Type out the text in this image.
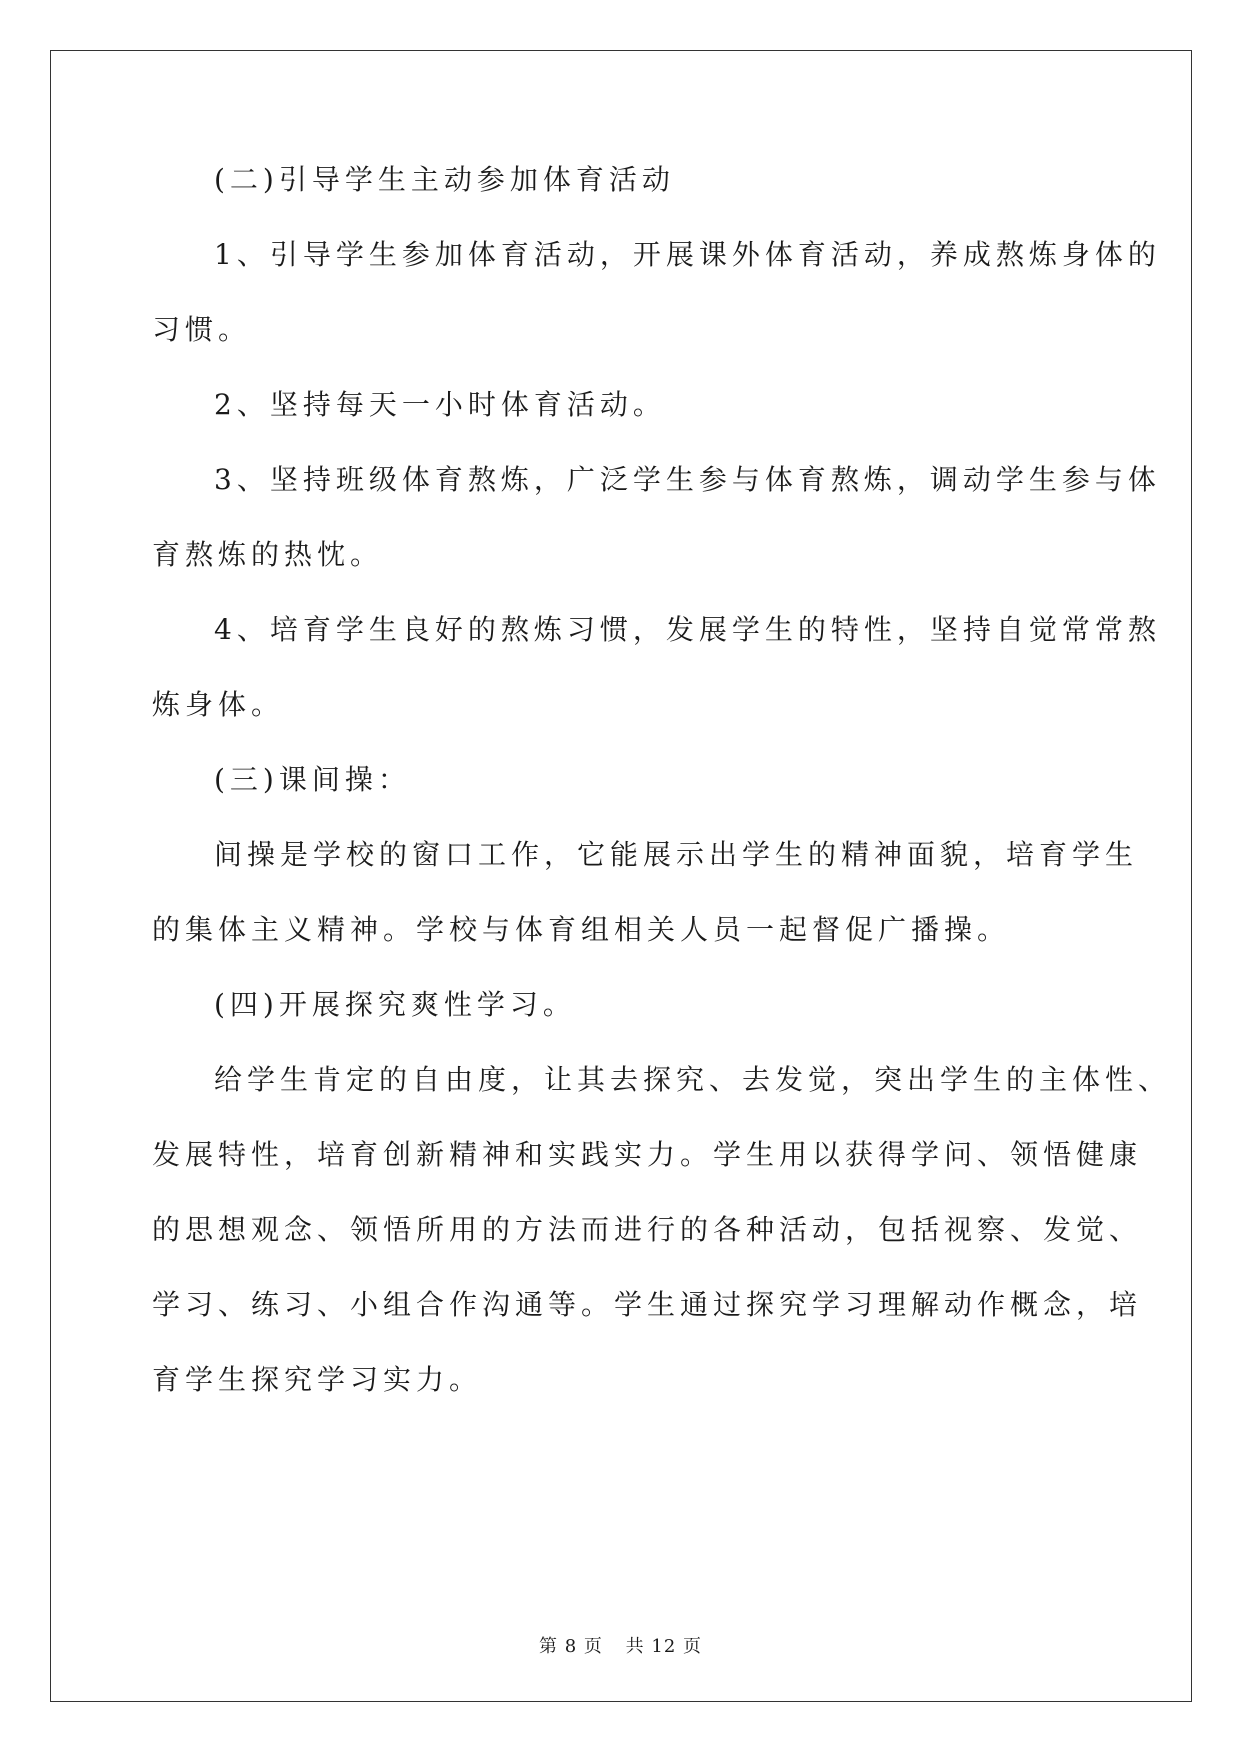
(二)引导学生主动参加体育活动
1、引导学生参加体育活动，开展课外体育活动，养成熬炼身体的
习惯。
2、坚持每天一小时体育活动。
3、坚持班级体育熬炼，广泛学生参与体育熬炼，调动学生参与体
育熬炼的热忱。
4、培育学生良好的熬炼习惯，发展学生的特性，坚持自觉常常熬
炼身体。
(三)课间操：
间操是学校的窗口工作，它能展示出学生的精神面貌，培育学生
的集体主义精神。学校与体育组相关人员一起督促广播操。
(四)开展探究爽性学习。
给学生肯定的自由度，让其去探究、去发觉，突出学生的主体性、
发展特性，培育创新精神和实践实力。学生用以获得学问、领悟健康
的思想观念、领悟所用的方法而进行的各种活动，包括视察、发觉、
学习、练习、小组合作沟通等。学生通过探究学习理解动作概念，培
育学生探究学习实力。
第 8 页 共 12 页
